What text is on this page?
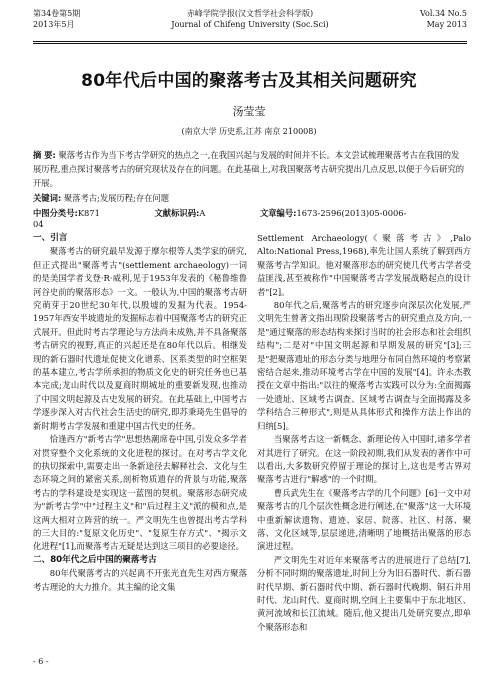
第34卷第5期
2013年5月
赤峰学院学报(汉文哲学社会科学版)
Journal of Chifeng University (Soc.Sci)
Vol.34 No.5
May 2013
80年代后中国的聚落考古及其相关问题研究
汤莹莹
(南京大学 历史系,江苏 南京 210008)
摘 要: 聚落考古作为当下考古学研究的热点之一,在我国兴起与发展的时间并不长。本文尝试梳理聚落考古在我国的发展历程,重点探讨聚落考古的研究现状及存在的问题。在此基础上,对我国聚落考古研究提出几点反思,以便于今后研究的开展。
关键词: 聚落考古;发展历程;存在问题
中图分类号:K871	文献标识码:A	文章编号:1673-2596(2013)05-0006-04
一、引言

聚落考古的研究最早发源于摩尔根等人类学家的研究,但正式提出"聚落考古"(settlement archaeology)一词的是美国学者戈登·R·威利,见于1953年发表的《秘鲁维鲁河谷史前的聚落形态》一文。一般认为,中国的聚落考古研究萌芽于20世纪30年代,以殷墟的发掘为代表。1954-1957年西安半坡遗址的发掘标志着中国聚落考古的研究正式展开。但此时考古学理论与方法尚未成熟,并不具备聚落考古研究的视野,真正的兴起还是在80年代以后。相继发现的新石器时代遗址促使文化谱系、区系类型的时空框架的基本建立,考古学所承担的物质文化史的研究任务也已基本完成;龙山时代以及夏商时期城址的重要新发现,也推动了中国文明起源及古史发展的研究。在此基础上,中国考古学逐步深入对古代社会生活史的研究,即苏秉琦先生倡导的新时期考古学发展和重建中国古代史的任务。

恰逢西方"新考古学"思想热潮席卷中国,引发众多学者对贯穿整个文化系统的文化进程的探讨。在对考古学文化的执切探索中,需要走出一条新途径去解释社会、文化与生态环境之间的紧密关系,剖析物质遗存的背景与功能,聚落考古的学科建设是实现这一蓝图的契机。聚落形态研究成为"新考古学"中"过程主义"和"后过程主义"派的模和点,是这两大相对立阵营的统一。严文明先生也曾提出考古学科的三大目的:"复原文化历史"、"复原生存方式"、"揭示文化进程"[1],而聚落考古无疑是达到这三项目的必要途径。

二、80年代之后中国的聚落考古

80年代聚落考古的兴起离不开张光直先生对西方聚落考古理论的大力推介。其主编的论文集

Settlement Archaeology(《聚落考古》,Palo Alto:National Press,1968),率先让国人系统了解到西方聚落考古学知识。他对聚落形态的研究使几代考古学者受益匪浅,甚至被称作"中国聚落考古学发展战略起点的设计者"[2]。

80年代之后,聚落考古的研究逐步向深层次化发展,严文明先生曾著文指出现阶段聚落考古的研究重点及方向,一是"通过聚落的形态结构来探讨当时的社会形态和社会组织结构";二是对"中国文明起源和早期发展的研究"[3];三是"把聚落遗址的形态分类与地理分布同自然环境的考察紧密结合起来,推动环境考古学在中国的发展"[4]。许永杰教授在文章中指出:"以往的聚落考古实践可以分为:全面揭露一处遗址、区域考古调查、区域考古调查与全面揭露及多学科结合三种形式",则是从具体形式和操作方法上作出的归纳[5]。

当聚落考古这一新概念、新理论传入中国时,诸多学者对其进行了研究。在这一阶段初期,我们从发表的著作中可以看出,大多数研究停留于理论的探讨上,这也是考古界对聚落考古进行"解惑"的一个时期。

曹兵武先生在《聚落考古学的几个问题》[6]一文中对聚落考古的几个层次性概念进行阐述,在"聚落"这一大环境中重新解读遗物、遗迹、家居、院落、社区、村落、聚落、文化区域等,层层递进,清晰明了地概括出聚落的形态演进过程。

严文明先生对近年来聚落考古的进展进行了总结[7],分析不同时期的聚落遗址,时间上分为旧石器时代、新石器时代早期、新石器时代中期、新石器时代晚期、铜石并用时代、龙山时代、夏商时期,空间上主要集中于东北地区、黄河流域和长江流域。随后,他又提出几处研究要点,即单个聚落形态和

- 6 -
